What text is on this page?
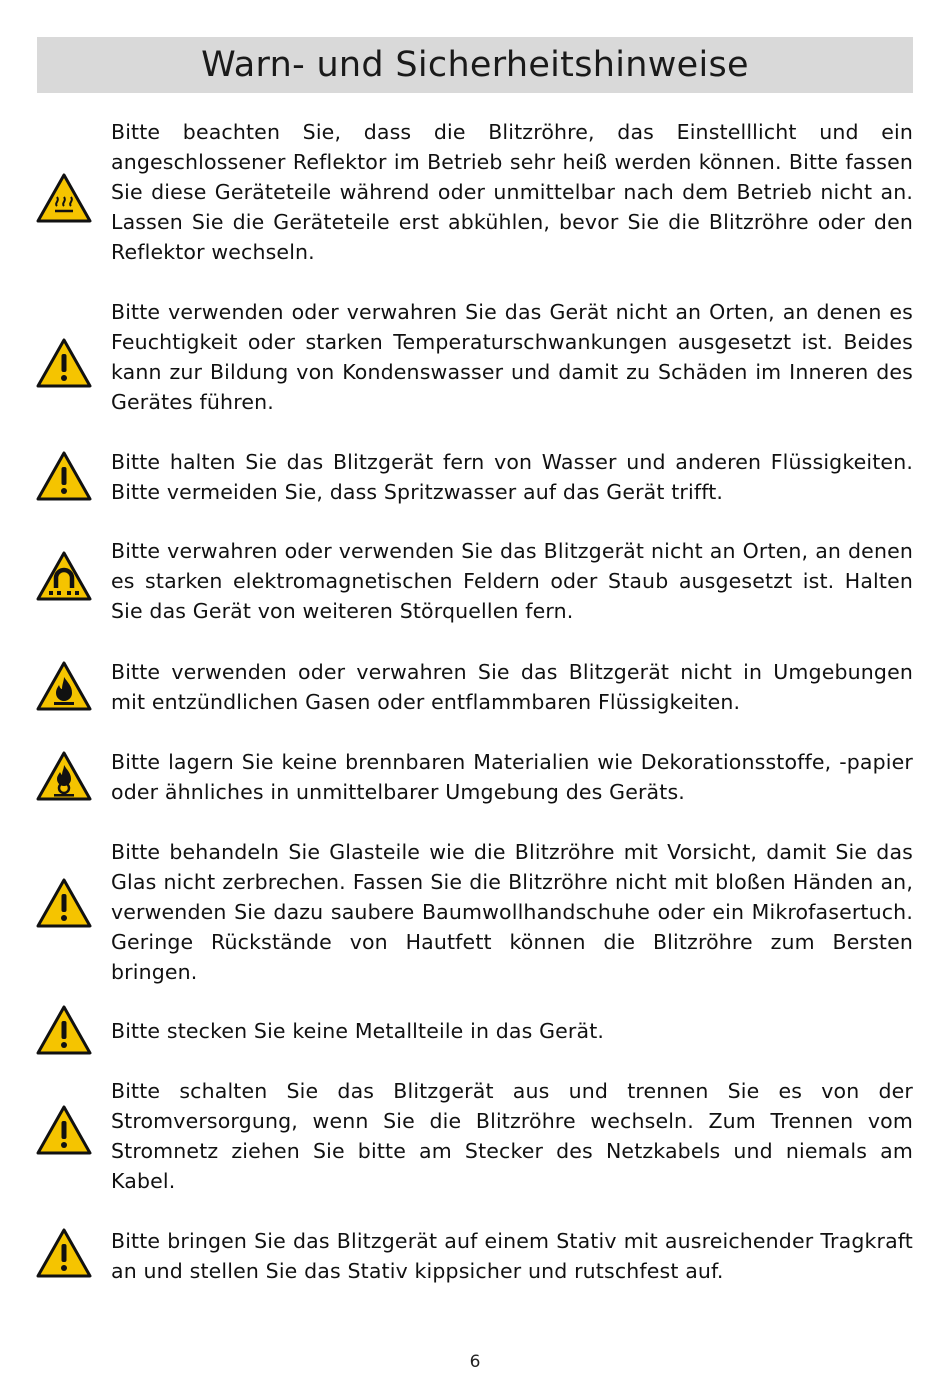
Warn- und Sicherheitshinweise
Bitte beachten Sie, dass die Blitzröhre, das Einstelllicht und ein angeschlossener Reflektor im Betrieb sehr heiß werden können. Bitte fassen Sie diese Geräteteile während oder unmittelbar nach dem Betrieb nicht an. Lassen Sie die Geräteteile erst abkühlen, bevor Sie die Blitzröhre oder den Reflektor wechseln.
Bitte verwenden oder verwahren Sie das Gerät nicht an Orten, an denen es Feuchtigkeit oder starken Temperaturschwankungen ausgesetzt ist. Beides kann zur Bildung von Kondenswasser und damit zu Schäden im Inneren des Gerätes führen.
Bitte halten Sie das Blitzgerät fern von Wasser und anderen Flüssigkeiten. Bitte vermeiden Sie, dass Spritzwasser auf das Gerät trifft.
Bitte verwahren oder verwenden Sie das Blitzgerät nicht an Orten, an denen es starken elektromagnetischen Feldern oder Staub ausgesetzt ist. Halten Sie das Gerät von weiteren Störquellen fern.
Bitte verwenden oder verwahren Sie das Blitzgerät nicht in Umgebungen mit entzündlichen Gasen oder entflammbaren Flüssigkeiten.
Bitte lagern Sie keine brennbaren Materialien wie Dekorationsstoffe, -papier oder ähnliches in unmittelbarer Umgebung des Geräts.
Bitte behandeln Sie Glasteile wie die Blitzröhre mit Vorsicht, damit Sie das Glas nicht zerbrechen. Fassen Sie die Blitzröhre nicht mit bloßen Händen an, verwenden Sie dazu saubere Baumwollhandschuhe oder ein Mikrofasertuch. Geringe Rückstände von Hautfett können die Blitzröhre zum Bersten bringen.
Bitte stecken Sie keine Metallteile in das Gerät.
Bitte schalten Sie das Blitzgerät aus und trennen Sie es von der Stromversorgung, wenn Sie die Blitzröhre wechseln. Zum Trennen vom Stromnetz ziehen Sie bitte am Stecker des Netzkabels und niemals am Kabel.
Bitte bringen Sie das Blitzgerät auf einem Stativ mit ausreichender Tragkraft an und stellen Sie das Stativ kippsicher und rutschfest auf.
6
